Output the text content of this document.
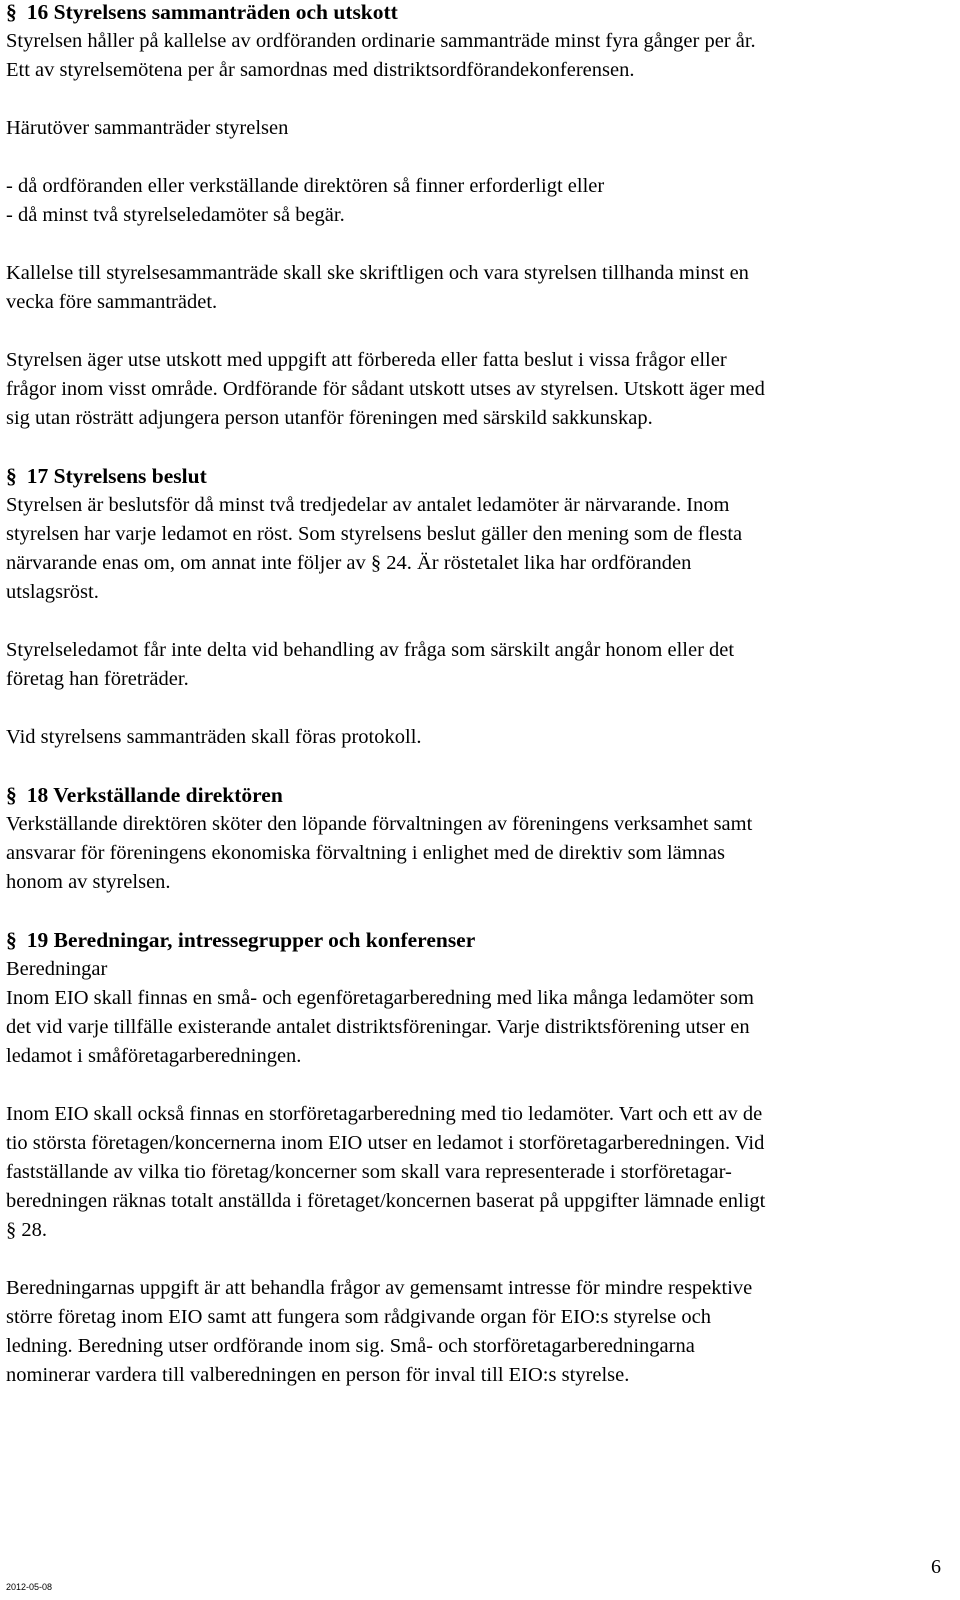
§ 16 Styrelsens sammanträden och utskott
Styrelsen håller på kallelse av ordföranden ordinarie sammanträde minst fyra gånger per år.
Ett av styrelsemötena per år samordnas med distriktsordförandekonferensen.
Härutöver sammanträder styrelsen
- då ordföranden eller verkställande direktören så finner erforderligt eller
- då minst två styrelseledamöter så begär.
Kallelse till styrelsesammanträde skall ske skriftligen och vara styrelsen tillhanda minst en
vecka före sammanträdet.
Styrelsen äger utse utskott med uppgift att förbereda eller fatta beslut i vissa frågor eller
frågor inom visst område. Ordförande för sådant utskott utses av styrelsen. Utskott äger med
sig utan rösträtt adjungera person utanför föreningen med särskild sakkunskap.
§ 17 Styrelsens beslut
Styrelsen är beslutsför då minst två tredjedelar av antalet ledamöter är närvarande. Inom
styrelsen har varje ledamot en röst. Som styrelsens beslut gäller den mening som de flesta
närvarande enas om, om annat inte följer av § 24. Är röstetalet lika har ordföranden
utslagsröst.
Styrelseledamot får inte delta vid behandling av fråga som särskilt angår honom eller det
företag han företräder.
Vid styrelsens sammanträden skall föras protokoll.
§ 18 Verkställande direktören
Verkställande direktören sköter den löpande förvaltningen av föreningens verksamhet samt
ansvarar för föreningens ekonomiska förvaltning i enlighet med de direktiv som lämnas
honom av styrelsen.
§ 19 Beredningar, intressegrupper och konferenser
Beredningar
Inom EIO skall finnas en små- och egenföretagarberedning med lika många ledamöter som
det vid varje tillfälle existerande antalet distriktsföreningar. Varje distriktsförening utser en
ledamot i småföretagarberedningen.
Inom EIO skall också finnas en storföretagarberedning med tio ledamöter. Vart och ett av de
tio största företagen/koncernerna inom EIO utser en ledamot i storföretagarberedningen. Vid
fastställande av vilka tio företag/koncerner som skall vara representerade i storföretagar-
beredningen räknas totalt anställda i företaget/koncernen baserat på uppgifter lämnade enligt
§ 28.
Beredningarnas uppgift är att behandla frågor av gemensamt intresse för mindre respektive
större företag inom EIO samt att fungera som rådgivande organ för EIO:s styrelse och
ledning. Beredning utser ordförande inom sig. Små- och storföretagarberedningarna
nominerar vardera till valberedningen en person för inval till EIO:s styrelse.
6
2012-05-08
